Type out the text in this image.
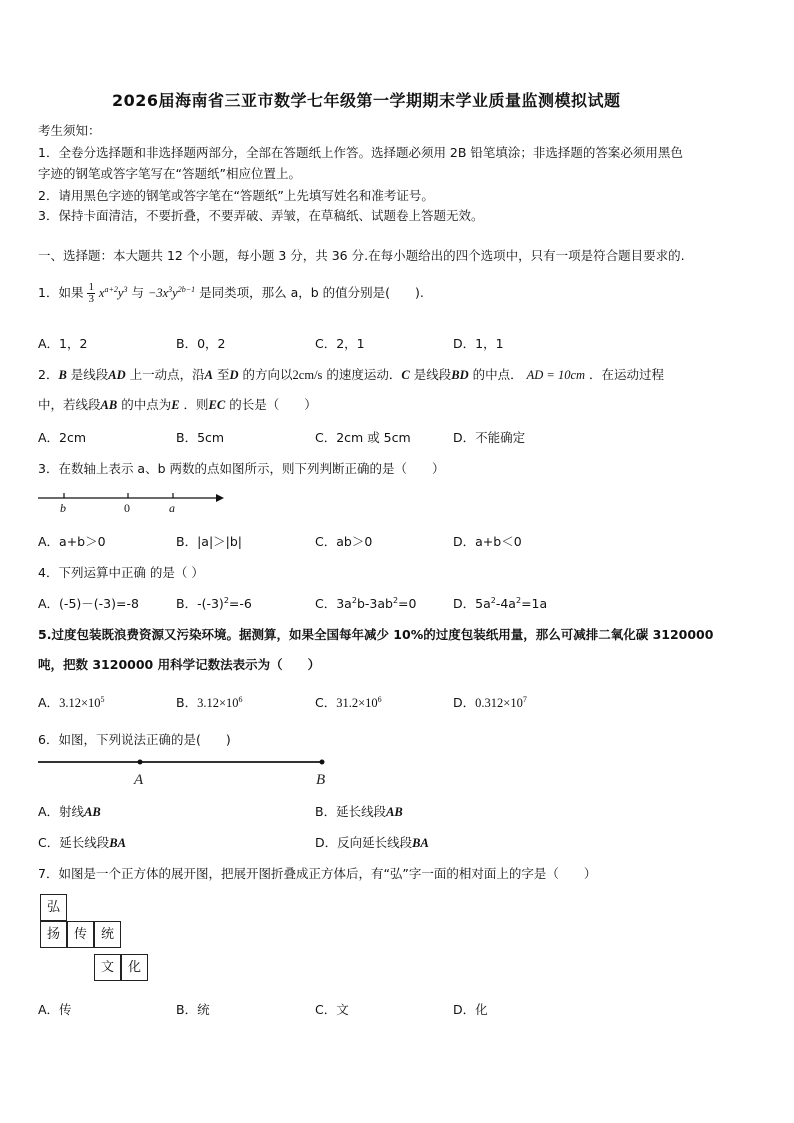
2026届海南省三亚市数学七年级第一学期期末学业质量监测模拟试题
考生须知：
1．全卷分选择题和非选择题两部分，全部在答题纸上作答。选择题必须用 2B 铅笔填涂；非选择题的答案必须用黑色
字迹的钢笔或答字笔写在“答题纸”相应位置上。
2．请用黑色字迹的钢笔或答字笔在“答题纸”上先填写姓名和准考证号。
3．保持卡面清洁，不要折叠，不要弄破、弄皱，在草稿纸、试题卷上答题无效。
一、选择题：本大题共 12 个小题，每小题 3 分，共 36 分.在每小题给出的四个选项中，只有一项是符合题目要求的.
1．如果 $\frac{1}{3} x^{a+2}y^3$ 与 $-3x^3y^{2b-1}$ 是同类项，那么 a，b 的值分别是(　　).
A．1，2	B．0，2	C．2，1	D．1，1
2．B 是线段AD 上一动点，沿A 至D 的方向以2cm/s 的速度运动．C 是线段BD 的中点． AD = 10cm ．在运动过程
中，若线段AB 的中点为E ．则EC 的长是（　　）
A．2cm	B．5cm	C．2cm 或 5cm	D．不能确定
3．在数轴上表示 a、b 两数的点如图所示，则下列判断正确的是（　　）
b	0	a
A．a+b＞0	B．|a|＞|b|	C．ab＞0	D．a+b＜0
4．下列运算中正确 的是（ ）
A．(-5)－(-3)=-8	B．$-(-3)^2=-6$	C．$3a^2b-3ab^2=0$	D．$5a^2-4a^2=1a$
5.过度包装既浪费资源又污染环境。据测算，如果全国每年减少 10%的过度包装纸用量，那么可减排二氧化碳 3120000
吨，把数 3120000 用科学记数法表示为（　　）
A．$3.12\times 10^5$	B．$3.12\times 10^6$	C．$31.2\times 10^6$	D．$0.312\times 10^7$
6．如图，下列说法正确的是(　　)
A	B
A．射线AB	B．延长线段AB
C．延长线段BA	D．反向延长线段BA
7．如图是一个正方体的展开图，把展开图折叠成正方体后，有“弘”字一面的相对面上的字是（　　）
弘
扬	传	统
文	化
A．传	B．统	C．文	D．化
